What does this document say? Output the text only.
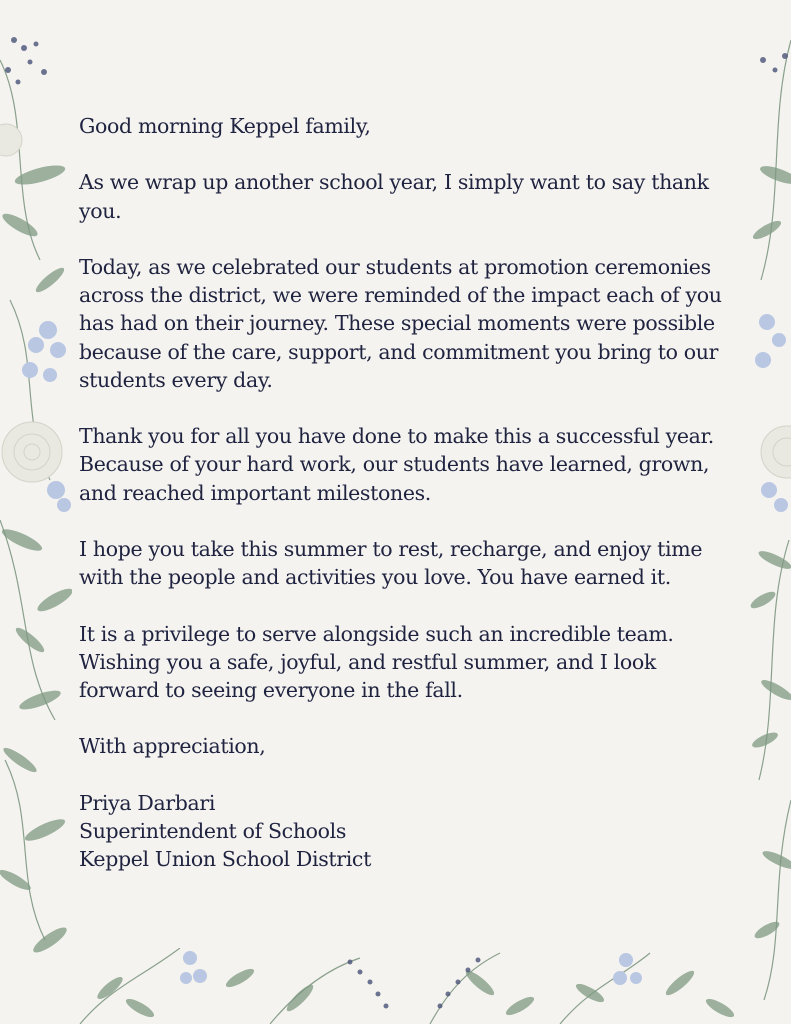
Good morning Keppel family,

As we wrap up another school year, I simply want to say thank you.

Today, as we celebrated our students at promotion ceremonies across the district, we were reminded of the impact each of you has had on their journey. These special moments were possible because of the care, support, and commitment you bring to our students every day.

Thank you for all you have done to make this a successful year. Because of your hard work, our students have learned, grown, and reached important milestones.

I hope you take this summer to rest, recharge, and enjoy time with the people and activities you love. You have earned it.

It is a privilege to serve alongside such an incredible team. Wishing you a safe, joyful, and restful summer, and I look forward to seeing everyone in the fall.

With appreciation,

Priya Darbari
Superintendent of Schools
Keppel Union School District
